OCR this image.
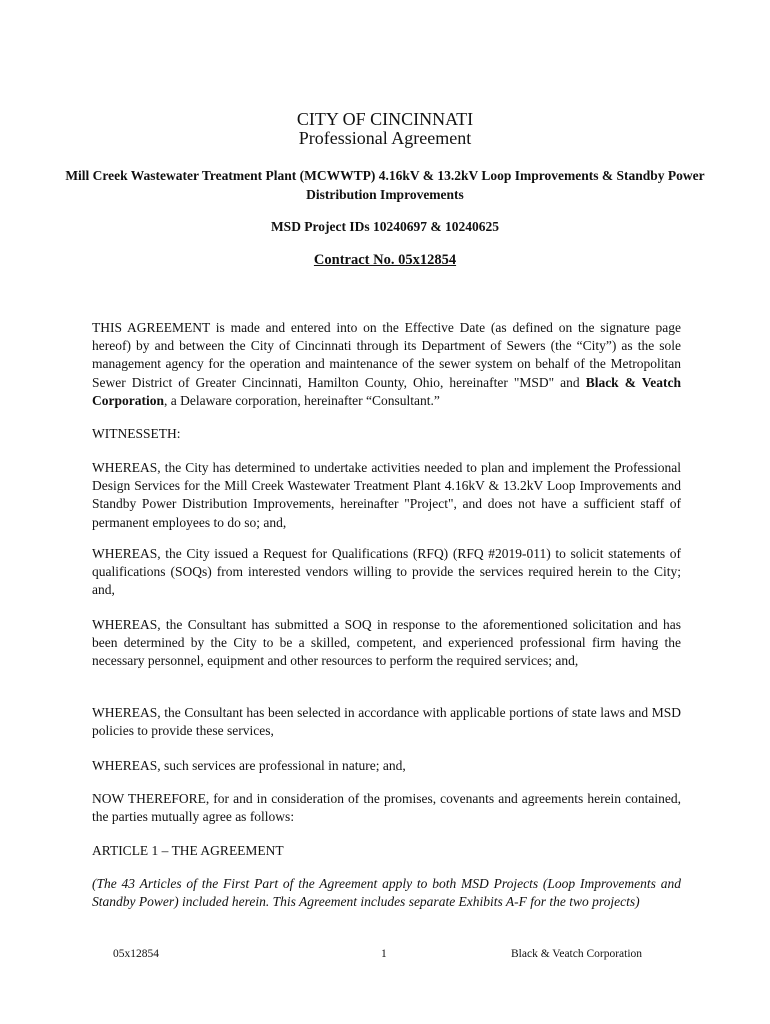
CITY OF CINCINNATI
Professional Agreement
Mill Creek Wastewater Treatment Plant (MCWWTP) 4.16kV & 13.2kV Loop Improvements & Standby Power Distribution Improvements
MSD Project IDs 10240697 & 10240625
Contract No. 05x12854
THIS AGREEMENT is made and entered into on the Effective Date (as defined on the signature page hereof) by and between the City of Cincinnati through its Department of Sewers (the “City”) as the sole management agency for the operation and maintenance of the sewer system on behalf of the Metropolitan Sewer District of Greater Cincinnati, Hamilton County, Ohio, hereinafter "MSD" and Black & Veatch Corporation, a Delaware corporation, hereinafter “Consultant.”
WITNESSETH:
WHEREAS, the City has determined to undertake activities needed to plan and implement the Professional Design Services for the Mill Creek Wastewater Treatment Plant 4.16kV & 13.2kV Loop Improvements and Standby Power Distribution Improvements, hereinafter "Project", and does not have a sufficient staff of permanent employees to do so; and,
WHEREAS, the City issued a Request for Qualifications (RFQ) (RFQ #2019-011) to solicit statements of qualifications (SOQs) from interested vendors willing to provide the services required herein to the City; and,
WHEREAS, the Consultant has submitted a SOQ in response to the aforementioned solicitation and has been determined by the City to be a skilled, competent, and experienced professional firm having the necessary personnel, equipment and other resources to perform the required services; and,
WHEREAS, the Consultant has been selected in accordance with applicable portions of state laws and MSD policies to provide these services,
WHEREAS, such services are professional in nature; and,
NOW THEREFORE, for and in consideration of the promises, covenants and agreements herein contained, the parties mutually agree as follows:
ARTICLE 1 – THE AGREEMENT
(The 43 Articles of the First Part of the Agreement apply to both MSD Projects (Loop Improvements and Standby Power) included herein. This Agreement includes separate Exhibits A-F for the two projects)
05x12854	1	Black & Veatch Corporation
